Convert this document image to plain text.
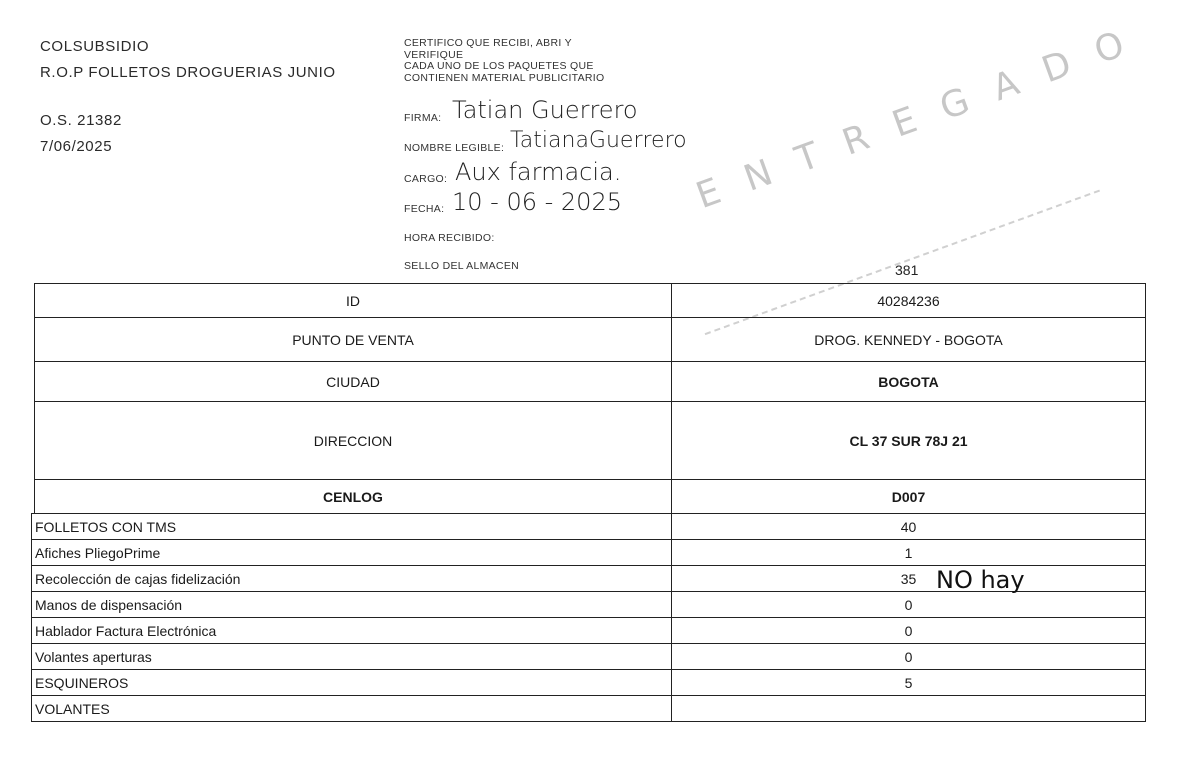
COLSUBSIDIO
R.O.P FOLLETOS DROGUERIAS JUNIO
O.S. 21382
7/06/2025
CERTIFICO QUE RECIBI, ABRI Y
VERIFIQUE
CADA UNO DE LOS PAQUETES QUE
CONTIENEN MATERIAL PUBLICITARIO
FIRMA: Tatian Guerrero
NOMBRE LEGIBLE: TatianaGuerrero
CARGO: Aux farmacia.
FECHA: 10 - 06 - 2025
HORA RECIBIDO:
SELLO DEL ALMACEN	381
ENTREGADO
ID	40284236
PUNTO DE VENTA	DROG. KENNEDY - BOGOTA
CIUDAD	BOGOTA
DIRECCION	CL 37 SUR 78J 21
CENLOG	D007
FOLLETOS CON TMS	40
Afiches PliegoPrime	1
Recolección de cajas fidelización	35
Manos de dispensación	0
Hablador Factura Electrónica	0
Volantes aperturas	0
ESQUINEROS	5
VOLANTES	
NO hay
